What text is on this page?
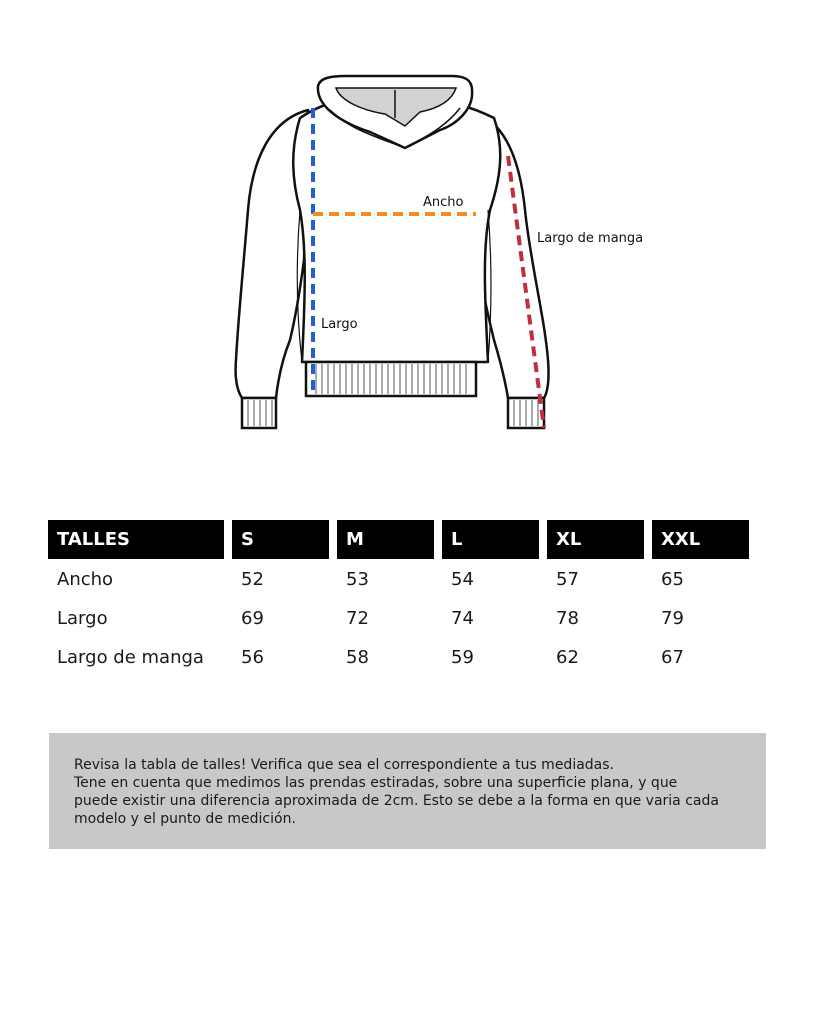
Ancho
Largo
Largo de manga
TALLES	S	M	L	XL	XXL
Ancho	52	53	54	57	65
Largo	69	72	74	78	79
Largo de manga	56	58	59	62	67
Revisa la tabla de talles! Verifica que sea el correspondiente a tus mediadas.
Tene en cuenta que medimos las prendas estiradas, sobre una superficie plana, y que
puede existir una diferencia aproximada de 2cm. Esto se debe a la forma en que varia cada
modelo y el punto de medición.
